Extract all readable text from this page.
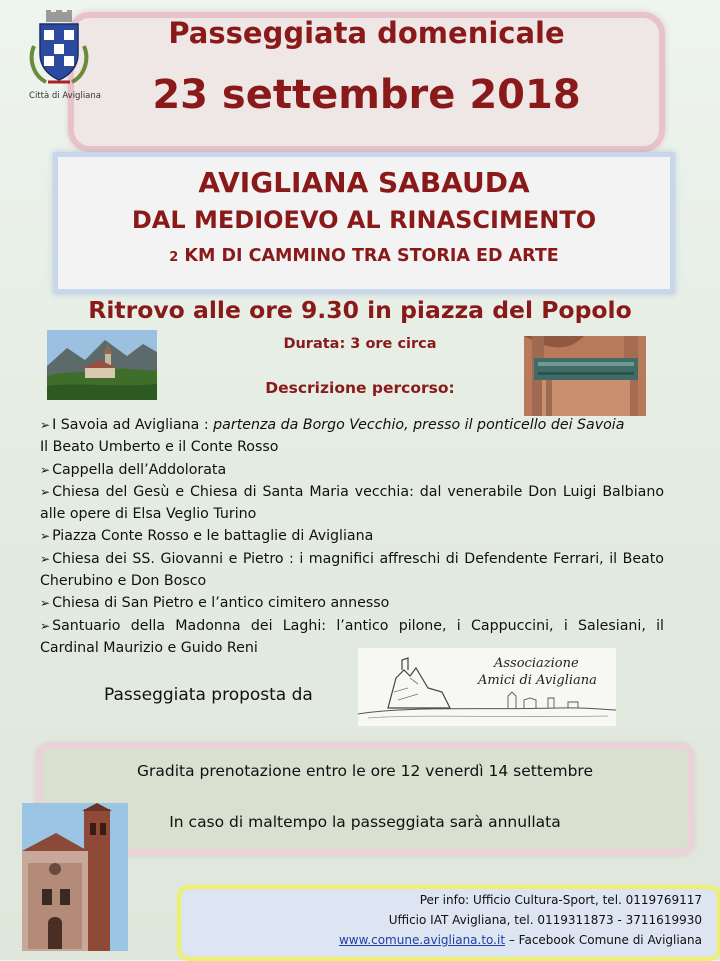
Passeggiata domenicale
23 settembre 2018
Città di Avigliana
AVIGLIANA SABAUDA
DAL MEDIOEVO AL RINASCIMENTO
2 KM DI CAMMINO TRA STORIA ED ARTE
Ritrovo alle ore 9.30 in piazza del Popolo
Durata: 3 ore circa
Descrizione percorso:

➢ I Savoia ad Avigliana : partenza da Borgo Vecchio, presso il ponticello dei Savoia

Il Beato Umberto e il Conte Rosso

➢ Cappella dell’Addolorata

➢ Chiesa del Gesù e Chiesa di Santa Maria vecchia: dal venerabile Don Luigi Balbiano alle opere di Elsa Veglio Turino

➢ Piazza Conte Rosso e le battaglie di Avigliana

➢ Chiesa dei SS. Giovanni e Pietro : i magnifici affreschi di Defendente Ferrari, il Beato Cherubino e Don Bosco

➢ Chiesa di San Pietro e l’antico cimitero annesso

➢ Santuario della Madonna dei Laghi: l’antico pilone, i Cappuccini, i Salesiani, il Cardinal Maurizio e Guido Reni

Passeggiata proposta da
Associazione
Amici di Avigliana
Gradita prenotazione entro le ore 12 venerdì 14 settembre
In caso di maltempo la passeggiata sarà annullata
Per info: Ufficio Cultura-Sport, tel. 0119769117
Ufficio IAT Avigliana, tel. 0119311873 - 3711619930
www.comune.avigliana.to.it – Facebook Comune di Avigliana
